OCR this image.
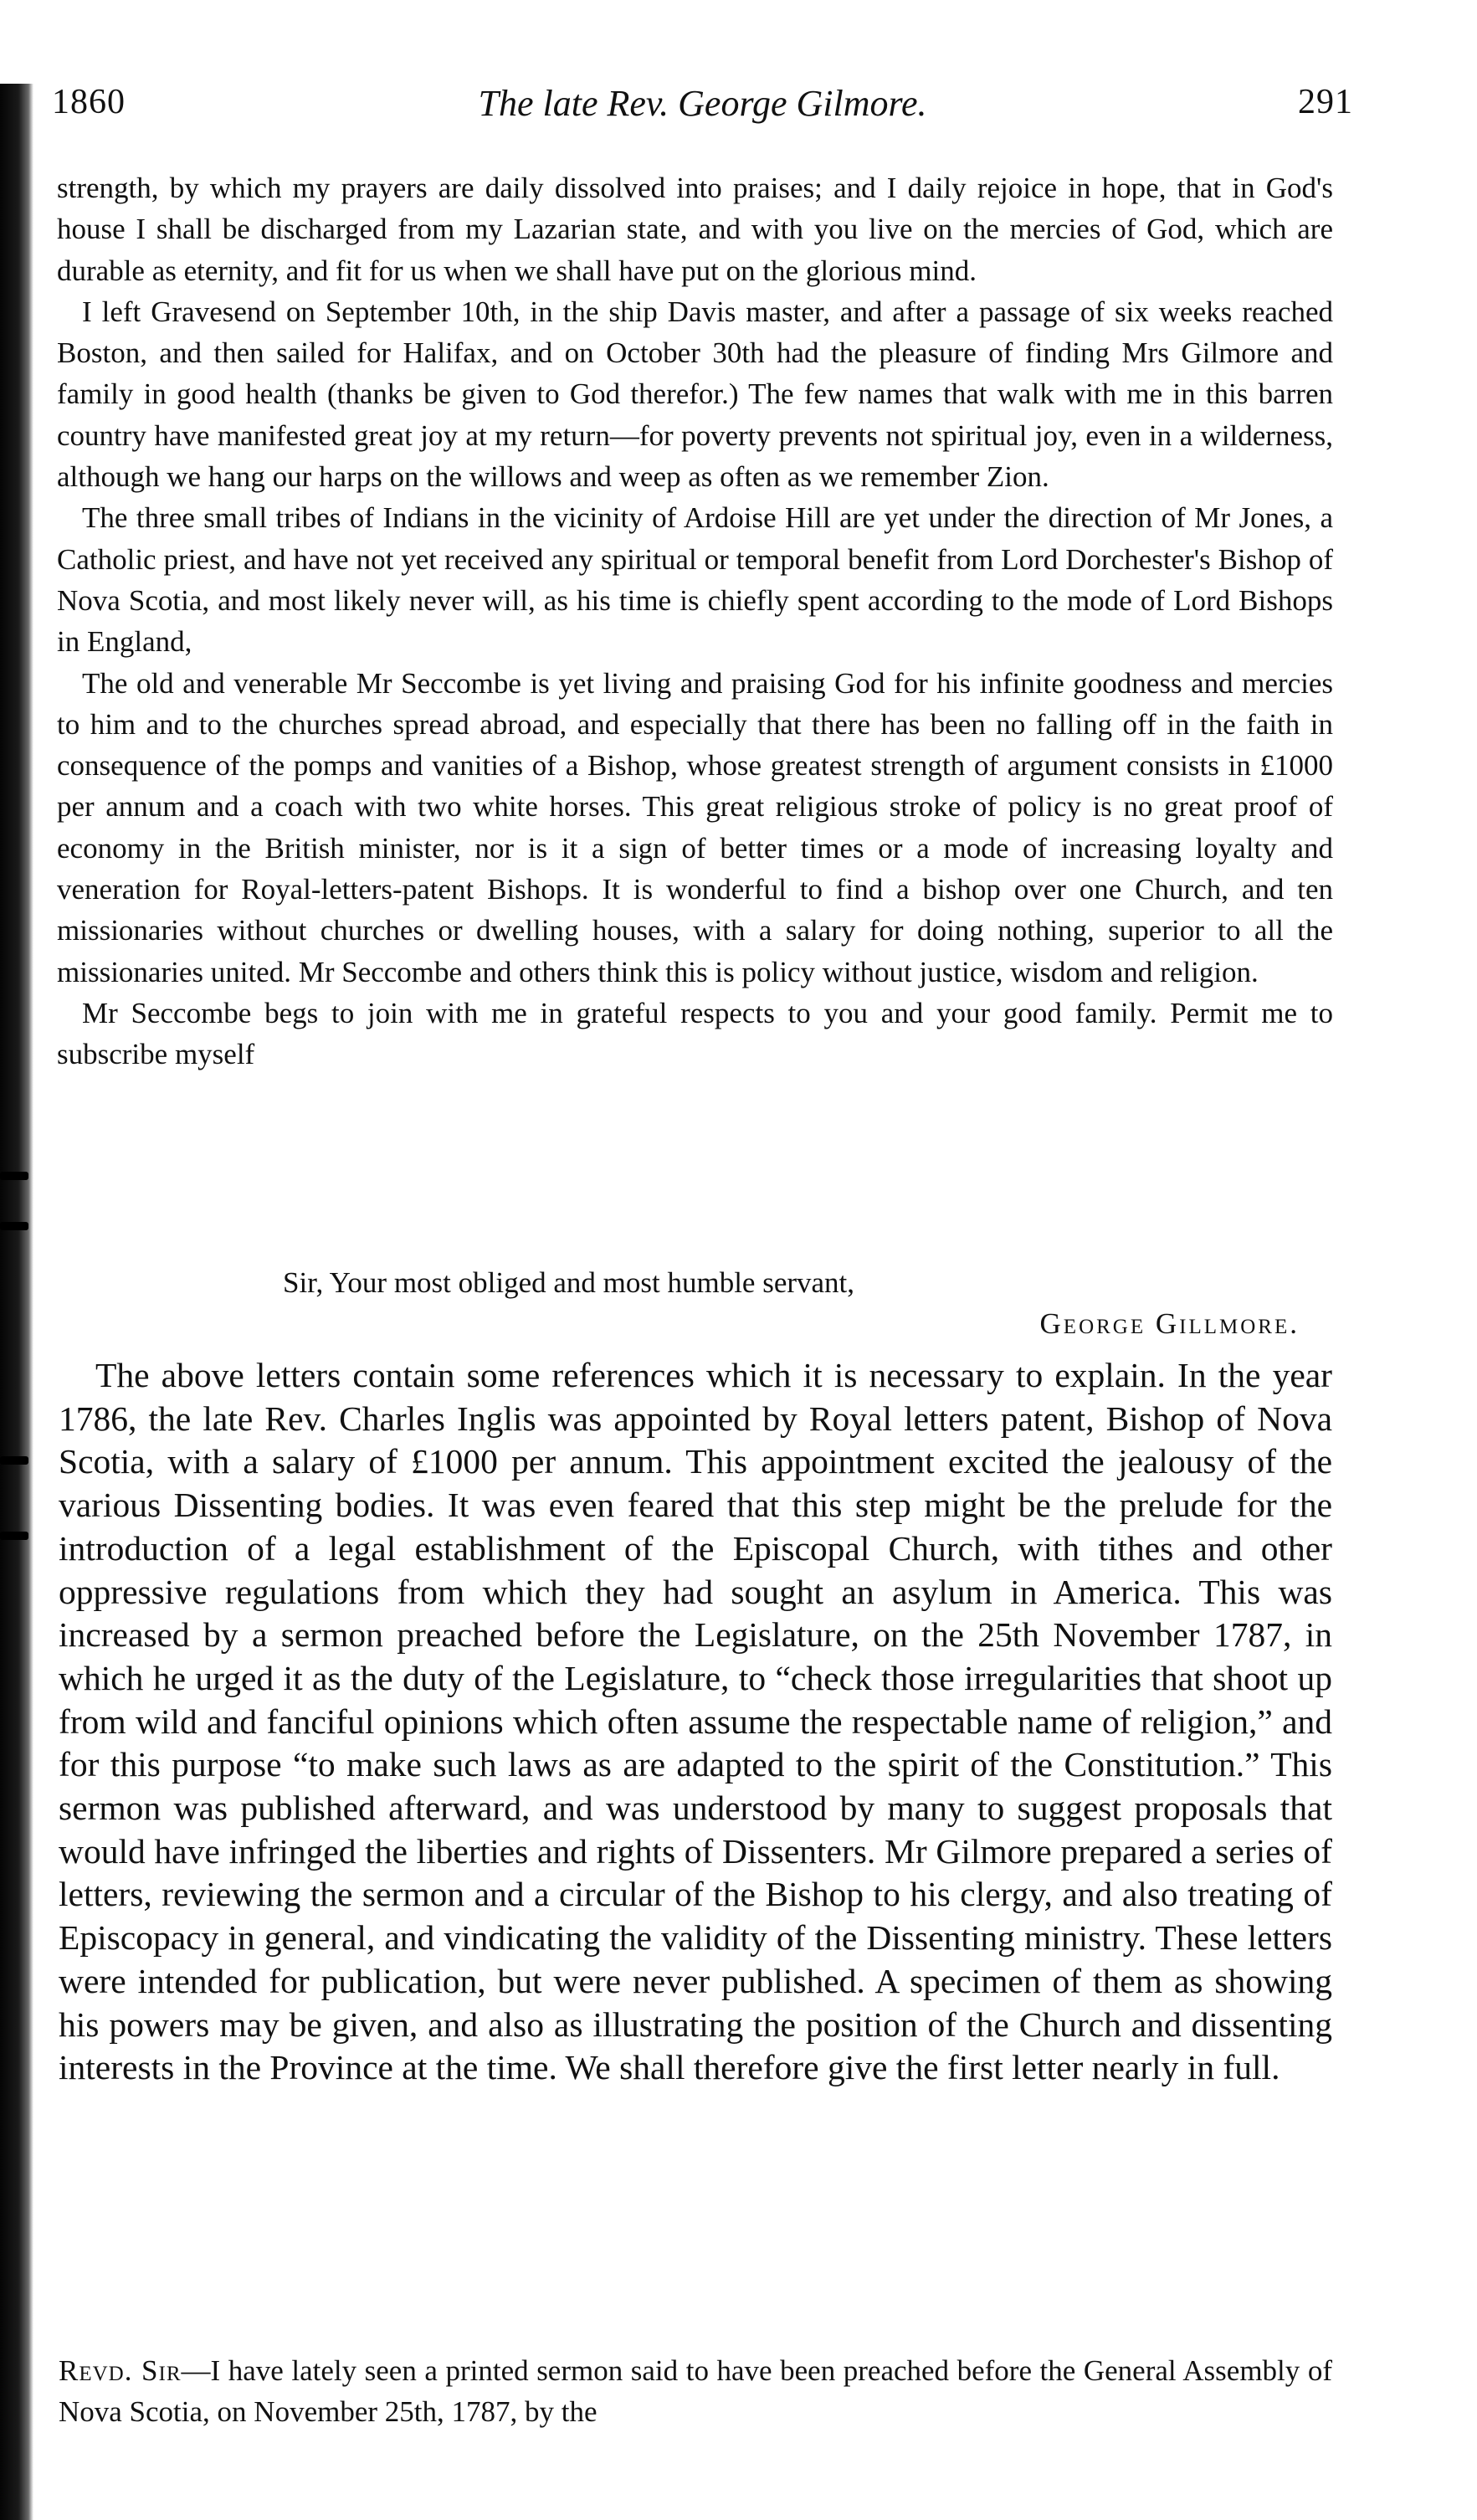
1860	The late Rev. George Gilmore.	291

strength, by which my prayers are daily dissolved into praises; and I daily rejoice in hope, that in God's house I shall be discharged from my Lazarian state, and with you live on the mercies of God, which are durable as eternity, and fit for us when we shall have put on the glorious mind.

I left Gravesend on September 10th, in the ship Davis master, and after a passage of six weeks reached Boston, and then sailed for Halifax, and on October 30th had the pleasure of finding Mrs Gilmore and family in good health (thanks be given to God therefor.) The few names that walk with me in this barren country have manifested great joy at my return—for poverty prevents not spiritual joy, even in a wilderness, although we hang our harps on the willows and weep as often as we remember Zion.

The three small tribes of Indians in the vicinity of Ardoise Hill are yet under the direction of Mr Jones, a Catholic priest, and have not yet received any spiritual or temporal benefit from Lord Dorchester's Bishop of Nova Scotia, and most likely never will, as his time is chiefly spent according to the mode of Lord Bishops in England,

The old and venerable Mr Seccombe is yet living and praising God for his infinite goodness and mercies to him and to the churches spread abroad, and especially that there has been no falling off in the faith in consequence of the pomps and vanities of a Bishop, whose greatest strength of argument consists in £1000 per annum and a coach with two white horses. This great religious stroke of policy is no great proof of economy in the British minister, nor is it a sign of better times or a mode of increasing loyalty and veneration for Royal-letters-patent Bishops. It is wonderful to find a bishop over one Church, and ten missionaries without churches or dwelling houses, with a salary for doing nothing, superior to all the missionaries united. Mr Seccombe and others think this is policy without justice, wisdom and religion.

Mr Seccombe begs to join with me in grateful respects to you and your good family. Permit me to subscribe myself

Sir, Your most obliged and most humble servant,
George Gillmore.

The above letters contain some references which it is necessary to explain. In the year 1786, the late Rev. Charles Inglis was appointed by Royal letters patent, Bishop of Nova Scotia, with a salary of £1000 per annum. This appointment excited the jealousy of the various Dissenting bodies. It was even feared that this step might be the prelude for the introduction of a legal establishment of the Episcopal Church, with tithes and other oppressive regulations from which they had sought an asylum in America. This was increased by a sermon preached before the Legislature, on the 25th November 1787, in which he urged it as the duty of the Legislature, to “check those irregularities that shoot up from wild and fanciful opinions which often assume the respectable name of religion,” and for this purpose “to make such laws as are adapted to the spirit of the Constitution.” This sermon was published afterward, and was understood by many to suggest proposals that would have infringed the liberties and rights of Dissenters. Mr Gilmore prepared a series of letters, reviewing the sermon and a circular of the Bishop to his clergy, and also treating of Episcopacy in general, and vindicating the validity of the Dissenting ministry. These letters were intended for publication, but were never published. A specimen of them as showing his powers may be given, and also as illustrating the position of the Church and dissenting interests in the Province at the time. We shall therefore give the first letter nearly in full.

Revd. Sir—I have lately seen a printed sermon said to have been preached before the General Assembly of Nova Scotia, on November 25th, 1787, by the
